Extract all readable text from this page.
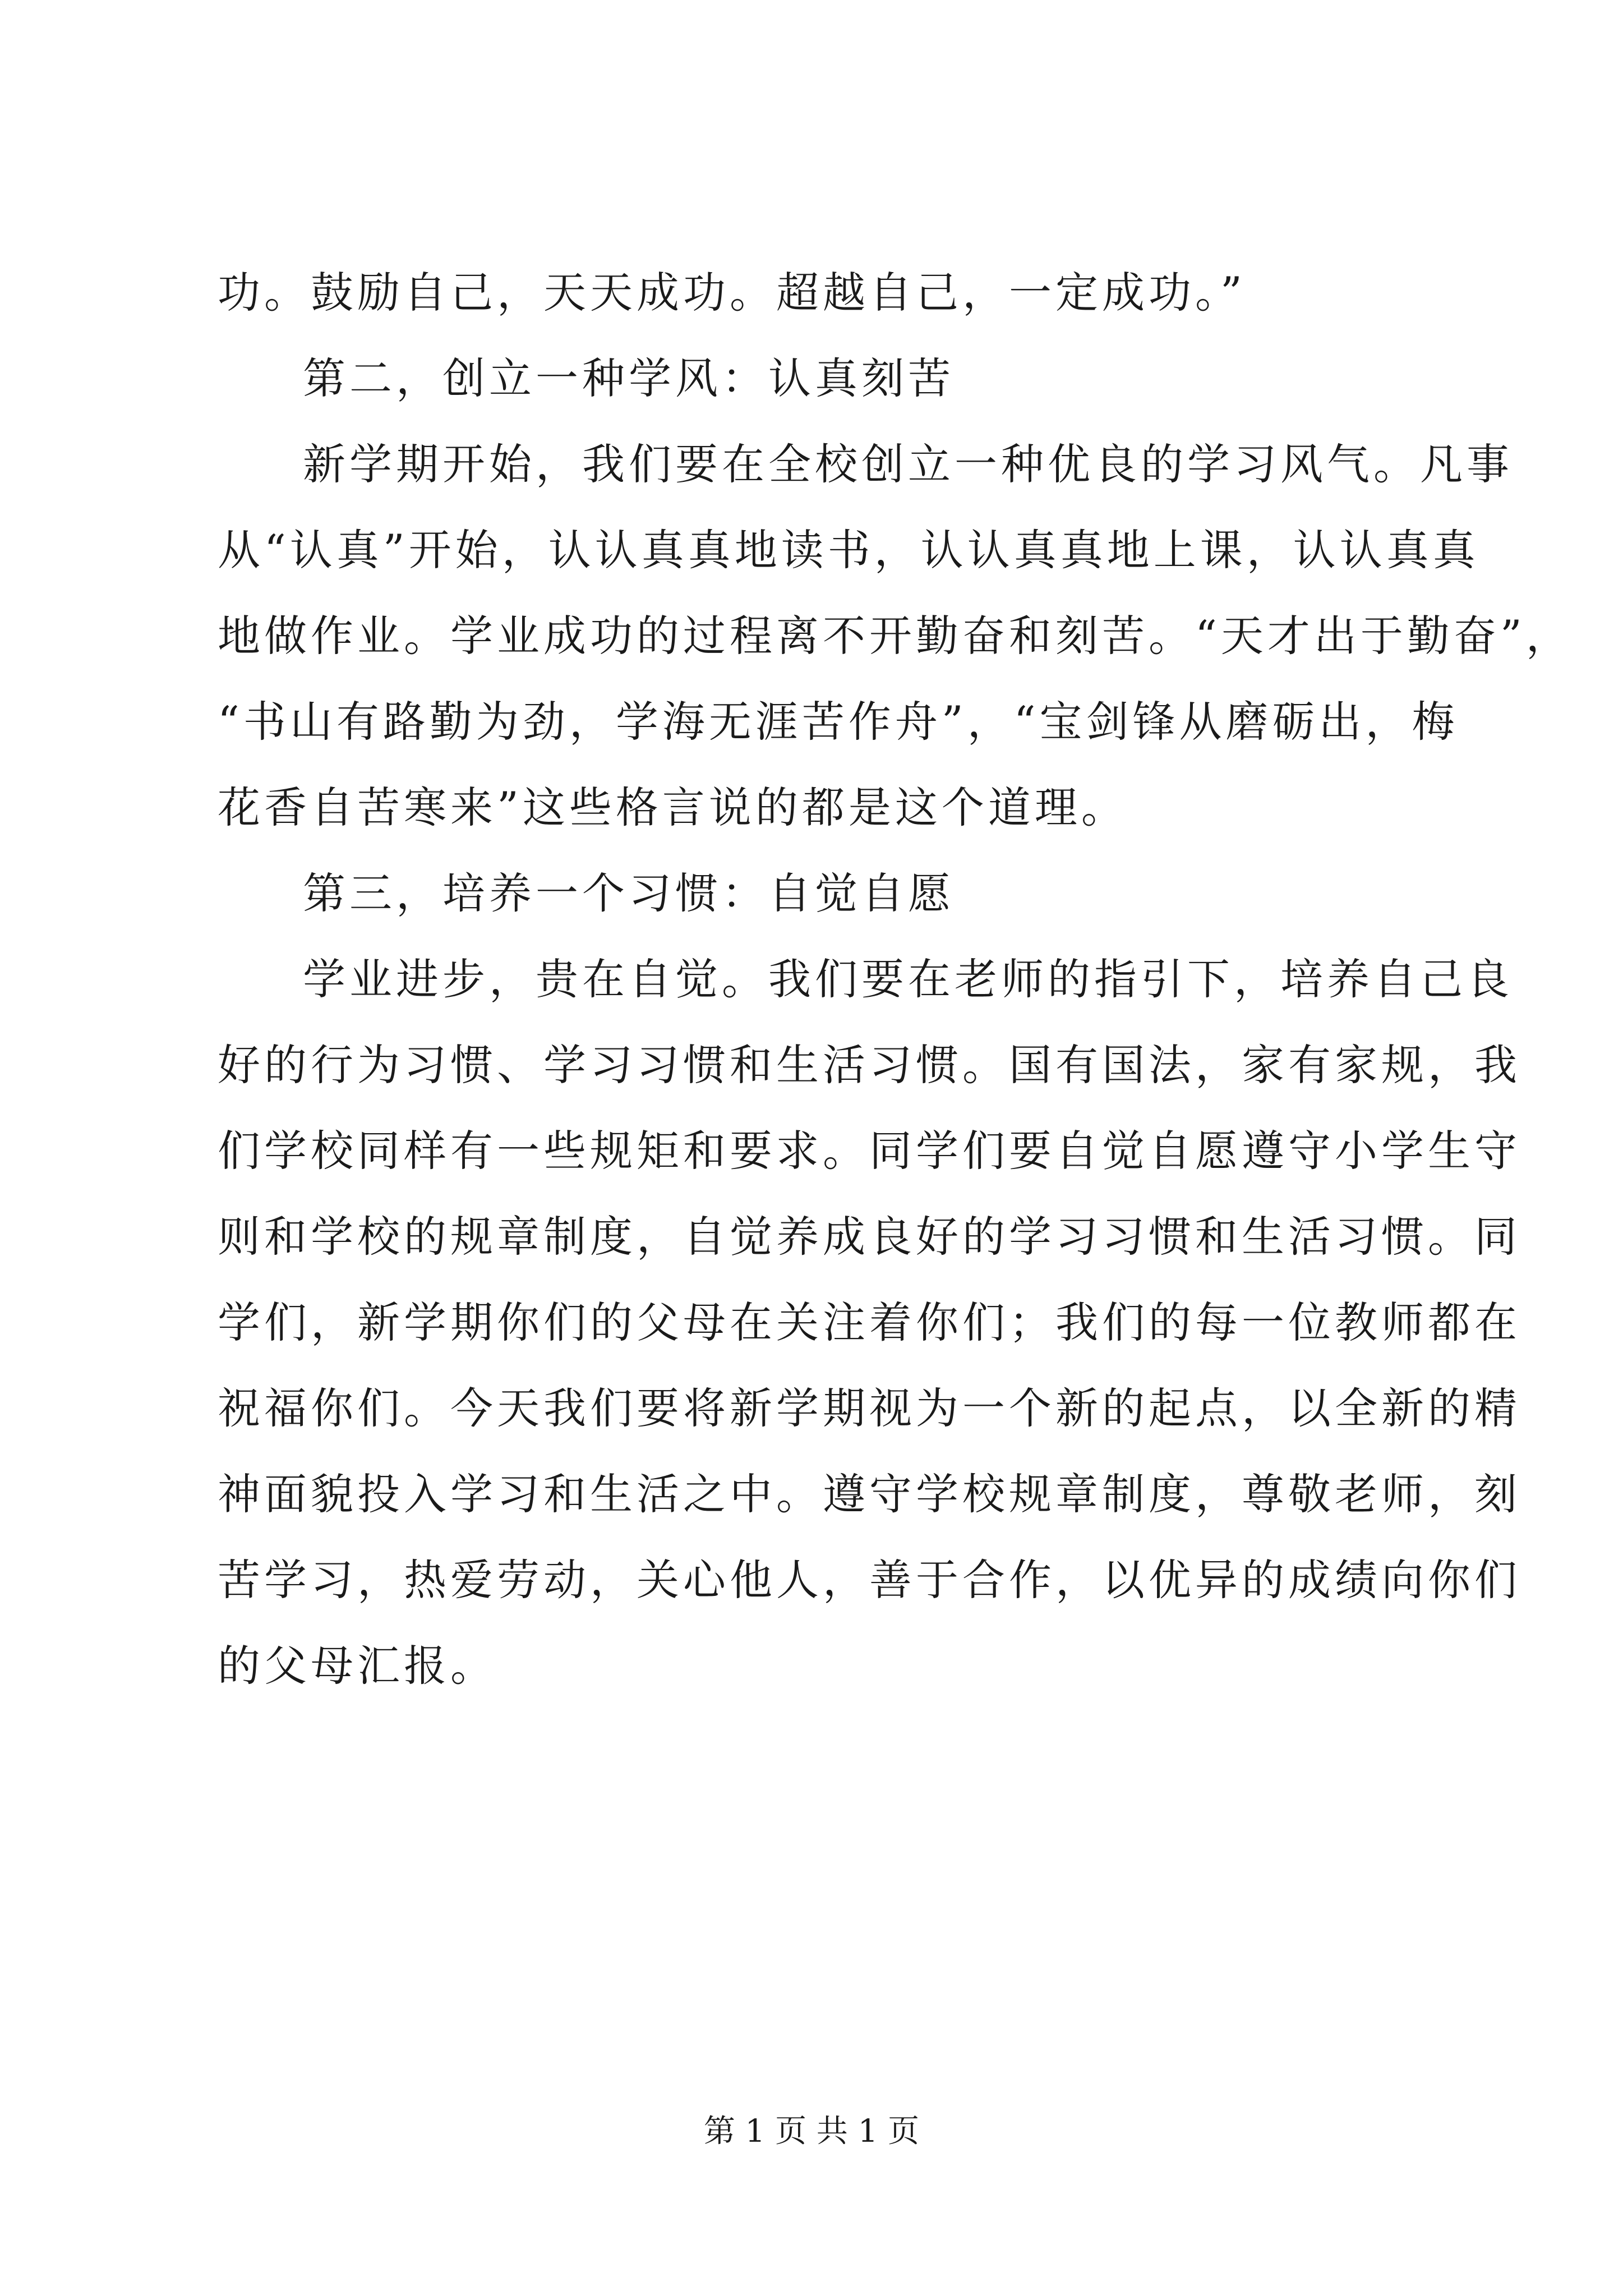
功。鼓励自己，天天成功。超越自己，一定成功。”
第二，创立一种学风：认真刻苦
新学期开始，我们要在全校创立一种优良的学习风气。凡事
从“认真”开始，认认真真地读书，认认真真地上课，认认真真
地做作业。学业成功的过程离不开勤奋和刻苦。“天才出于勤奋”，
“书山有路勤为劲，学海无涯苦作舟”，“宝剑锋从磨砺出，梅
花香自苦寒来”这些格言说的都是这个道理。
第三，培养一个习惯：自觉自愿
学业进步，贵在自觉。我们要在老师的指引下，培养自己良
好的行为习惯、学习习惯和生活习惯。国有国法，家有家规，我
们学校同样有一些规矩和要求。同学们要自觉自愿遵守小学生守
则和学校的规章制度，自觉养成良好的学习习惯和生活习惯。同
学们，新学期你们的父母在关注着你们；我们的每一位教师都在
祝福你们。今天我们要将新学期视为一个新的起点，以全新的精
神面貌投入学习和生活之中。遵守学校规章制度，尊敬老师，刻
苦学习，热爱劳动，关心他人，善于合作，以优异的成绩向你们
的父母汇报。
第 1 页 共 1 页
